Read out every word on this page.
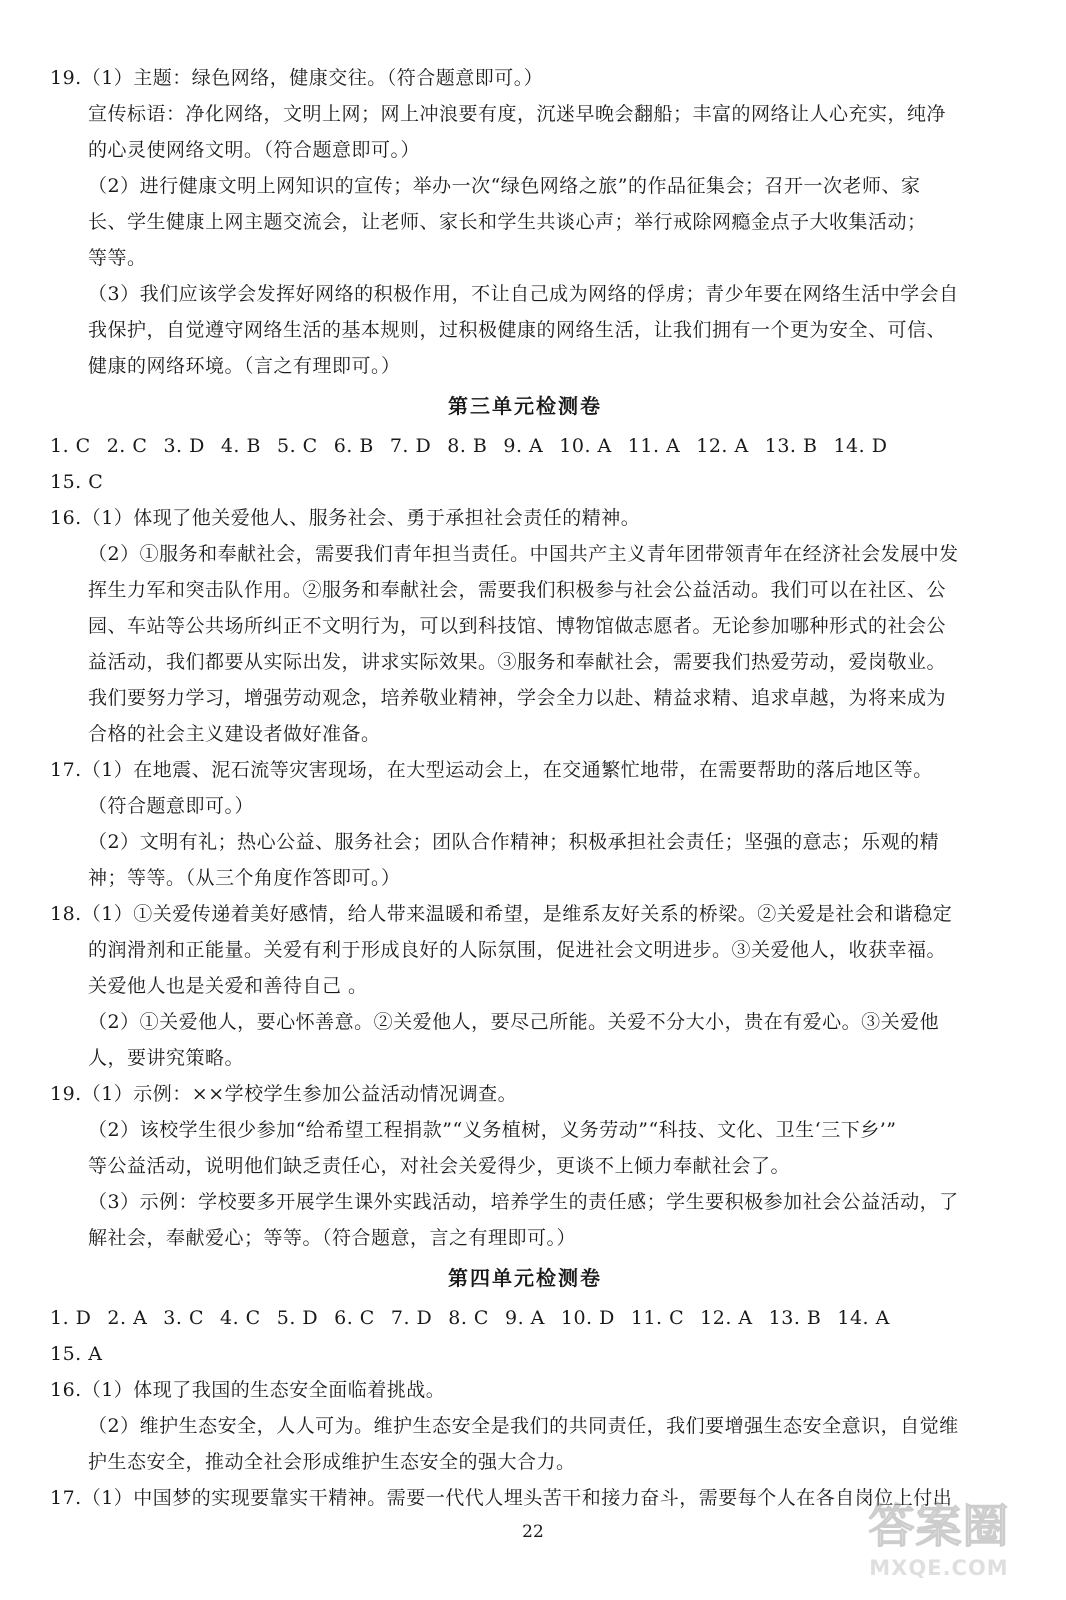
19.（1）主题：绿色网络，健康交往。（符合题意即可。）
宣传标语：净化网络，文明上网；网上冲浪要有度，沉迷早晚会翻船；丰富的网络让人心充实，纯净
的心灵使网络文明。（符合题意即可。）
（2）进行健康文明上网知识的宣传；举办一次“绿色网络之旅”的作品征集会；召开一次老师、家
长、学生健康上网主题交流会，让老师、家长和学生共谈心声；举行戒除网瘾金点子大收集活动；
等等。
（3）我们应该学会发挥好网络的积极作用，不让自己成为网络的俘虏；青少年要在网络生活中学会自
我保护，自觉遵守网络生活的基本规则，过积极健康的网络生活，让我们拥有一个更为安全、可信、
健康的网络环境。（言之有理即可。）
第三单元检测卷
1. C 2. C 3. D 4. B 5. C 6. B 7. D 8. B 9. A 10. A 11. A 12. A 13. B 14. D
15. C
16.（1）体现了他关爱他人、服务社会、勇于承担社会责任的精神。
（2）①服务和奉献社会，需要我们青年担当责任。中国共产主义青年团带领青年在经济社会发展中发
挥生力军和突击队作用。②服务和奉献社会，需要我们积极参与社会公益活动。我们可以在社区、公
园、车站等公共场所纠正不文明行为，可以到科技馆、博物馆做志愿者。无论参加哪种形式的社会公
益活动，我们都要从实际出发，讲求实际效果。③服务和奉献社会，需要我们热爱劳动，爱岗敬业。
我们要努力学习，增强劳动观念，培养敬业精神，学会全力以赴、精益求精、追求卓越，为将来成为
合格的社会主义建设者做好准备。
17.（1）在地震、泥石流等灾害现场，在大型运动会上，在交通繁忙地带，在需要帮助的落后地区等。
（符合题意即可。）
（2）文明有礼；热心公益、服务社会；团队合作精神；积极承担社会责任；坚强的意志；乐观的精
神；等等。（从三个角度作答即可。）
18.（1）①关爱传递着美好感情，给人带来温暖和希望，是维系友好关系的桥梁。②关爱是社会和谐稳定
的润滑剂和正能量。关爱有利于形成良好的人际氛围，促进社会文明进步。③关爱他人，收获幸福。
关爱他人也是关爱和善待自己 。
（2）①关爱他人，要心怀善意。②关爱他人，要尽己所能。关爱不分大小，贵在有爱心。③关爱他
人，要讲究策略。
19.（1）示例：××学校学生参加公益活动情况调查。
（2）该校学生很少参加“给希望工程捐款”“义务植树，义务劳动”“科技、文化、卫生‘三下乡’”
等公益活动，说明他们缺乏责任心，对社会关爱得少，更谈不上倾力奉献社会了。
（3）示例：学校要多开展学生课外实践活动，培养学生的责任感；学生要积极参加社会公益活动，了
解社会，奉献爱心；等等。（符合题意，言之有理即可。）
第四单元检测卷
1. D 2. A 3. C 4. C 5. D 6. C 7. D 8. C 9. A 10. D 11. C 12. A 13. B 14. A
15. A
16.（1）体现了我国的生态安全面临着挑战。
（2）维护生态安全，人人可为。维护生态安全是我们的共同责任，我们要增强生态安全意识，自觉维
护生态安全，推动全社会形成维护生态安全的强大合力。
17.（1）中国梦的实现要靠实干精神。需要一代代人埋头苦干和接力奋斗，需要每个人在各自岗位上付出
22	答案圈
MXQE.COM
